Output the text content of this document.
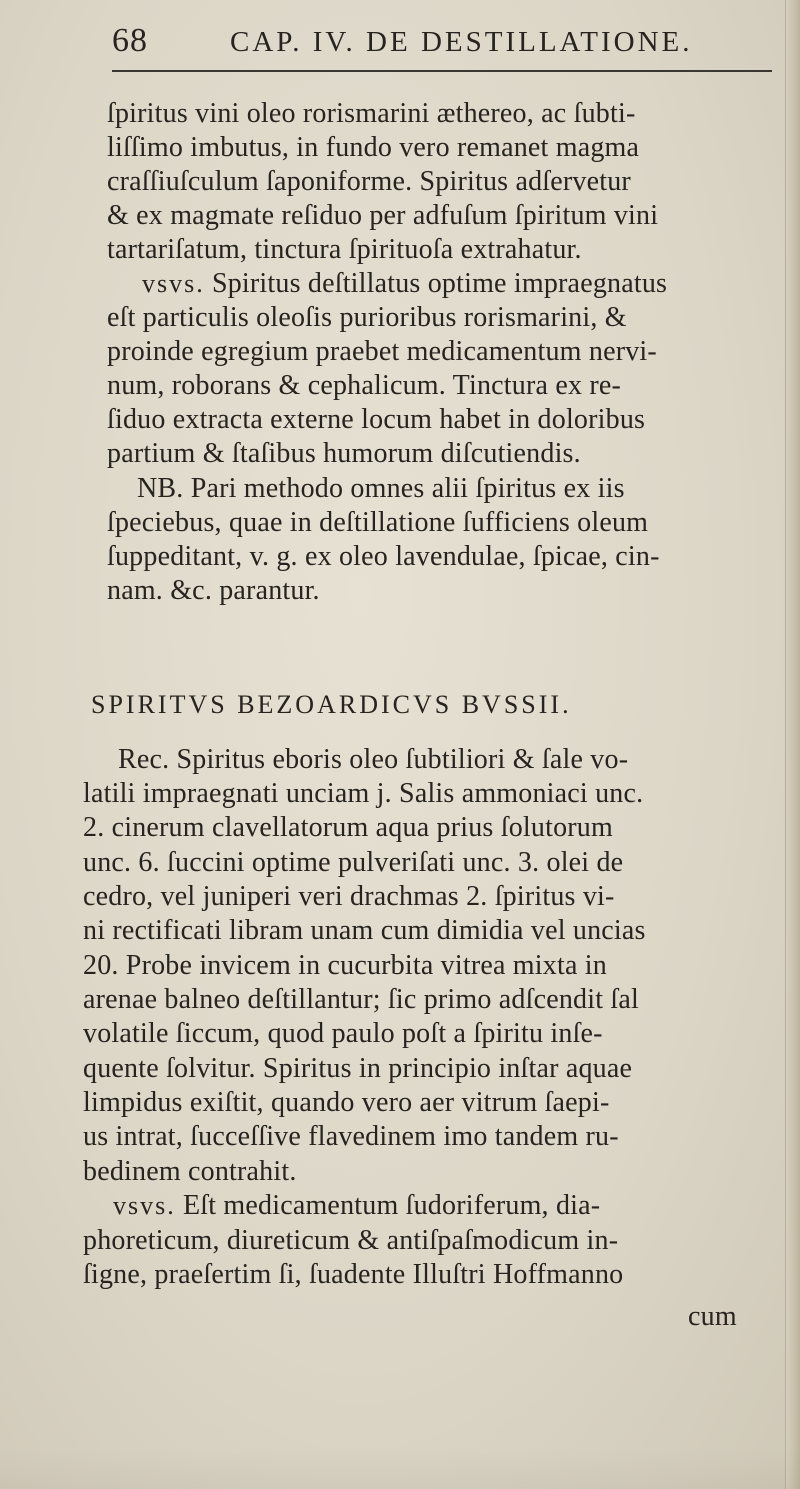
68	CAP. IV. DE DESTILLATIONE.
ſpiritus vini oleo rorismarini æthereo, ac ſubti-
liſſimo imbutus, in fundo vero remanet magma
craſſiuſculum ſaponiforme. Spiritus adſervetur
& ex magmate reſiduo per adfuſum ſpiritum vini
tartariſatum, tinctura ſpirituoſa extrahatur.
vsvs. Spiritus deſtillatus optime impraegnatus
eſt particulis oleoſis purioribus rorismarini, &
proinde egregium praebet medicamentum nervi-
num, roborans & cephalicum. Tinctura ex re-
ſiduo extracta externe locum habet in doloribus
partium & ſtaſibus humorum diſcutiendis.
NB. Pari methodo omnes alii ſpiritus ex iis
ſpeciebus, quae in deſtillatione ſufficiens oleum
ſuppeditant, v. g. ex oleo lavendulae, ſpicae, cin-
nam. &c. parantur.
SPIRITVS BEZOARDICVS BVSSII.
Rec. Spiritus eboris oleo ſubtiliori & ſale vo-
latili impraegnati unciam j. Salis ammoniaci unc.
2. cinerum clavellatorum aqua prius ſolutorum
unc. 6. ſuccini optime pulveriſati unc. 3. olei de
cedro, vel juniperi veri drachmas 2. ſpiritus vi-
ni rectificati libram unam cum dimidia vel uncias
20. Probe invicem in cucurbita vitrea mixta in
arenae balneo deſtillantur; ſic primo adſcendit ſal
volatile ſiccum, quod paulo poſt a ſpiritu inſe-
quente ſolvitur. Spiritus in principio inſtar aquae
limpidus exiſtit, quando vero aer vitrum ſaepi-
us intrat, ſucceſſive flavedinem imo tandem ru-
bedinem contrahit.
vsvs. Eſt medicamentum ſudoriferum, dia-
phoreticum, diureticum & antiſpaſmodicum in-
ſigne, praeſertim ſi, ſuadente Illuſtri Hoffmanno
cum
